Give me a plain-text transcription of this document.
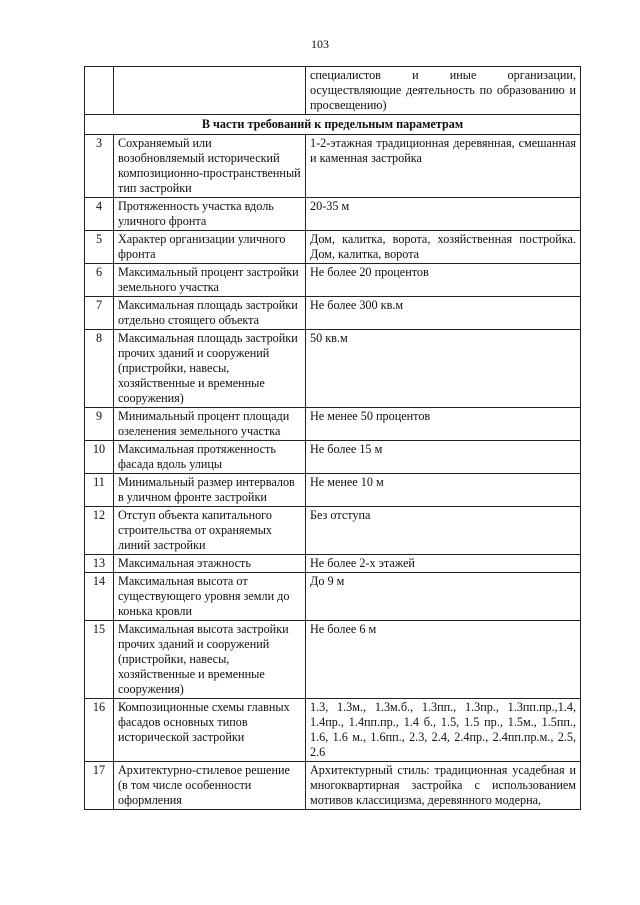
103
		специалистов и иные организации, осуществляющие деятельность по образованию и просвещению)
В части требований к предельным параметрам		
3	Сохраняемый или возобновляемый исторический композиционно-пространственный тип застройки	1-2-этажная традиционная деревянная, смешанная и каменная застройка
4	Протяженность участка вдоль уличного фронта	20-35 м
5	Характер организации уличного фронта	Дом, калитка, ворота, хозяйственная постройка. Дом, калитка, ворота
6	Максимальный процент застройки земельного участка	Не более 20 процентов
7	Максимальная площадь застройки отдельно стоящего объекта	Не более 300 кв.м
8	Максимальная площадь застройки прочих зданий и сооружений (пристройки, навесы, хозяйственные и временные сооружения)	50 кв.м
9	Минимальный процент площади озеленения земельного участка	Не менее 50 процентов
10	Максимальная протяженность фасада вдоль улицы	Не более 15 м
11	Минимальный размер интервалов в уличном фронте застройки	Не менее 10 м
12	Отступ объекта капитального строительства от охраняемых линий застройки	Без отступа
13	Максимальная этажность	Не более 2-х этажей
14	Максимальная высота от существующего уровня земли до конька кровли	До 9 м
15	Максимальная высота застройки прочих зданий и сооружений (пристройки, навесы, хозяйственные и временные сооружения)	Не более 6 м
16	Композиционные схемы главных фасадов основных типов исторической застройки	1.3, 1.3м., 1.3м.б., 1.3пп., 1.3пр., 1.3пп.пр.,1.4, 1.4пр., 1.4пп.пр., 1.4 б., 1.5, 1.5 пр., 1.5м., 1.5пп., 1.6, 1.6 м., 1.6пп., 2.3, 2.4, 2.4пр., 2.4пп.пр.м., 2.5, 2.6
17	Архитектурно-стилевое решение (в том числе особенности оформления	Архитектурный стиль: традиционная усадебная и многоквартирная застройка с использованием мотивов классицизма, деревянного модерна,
